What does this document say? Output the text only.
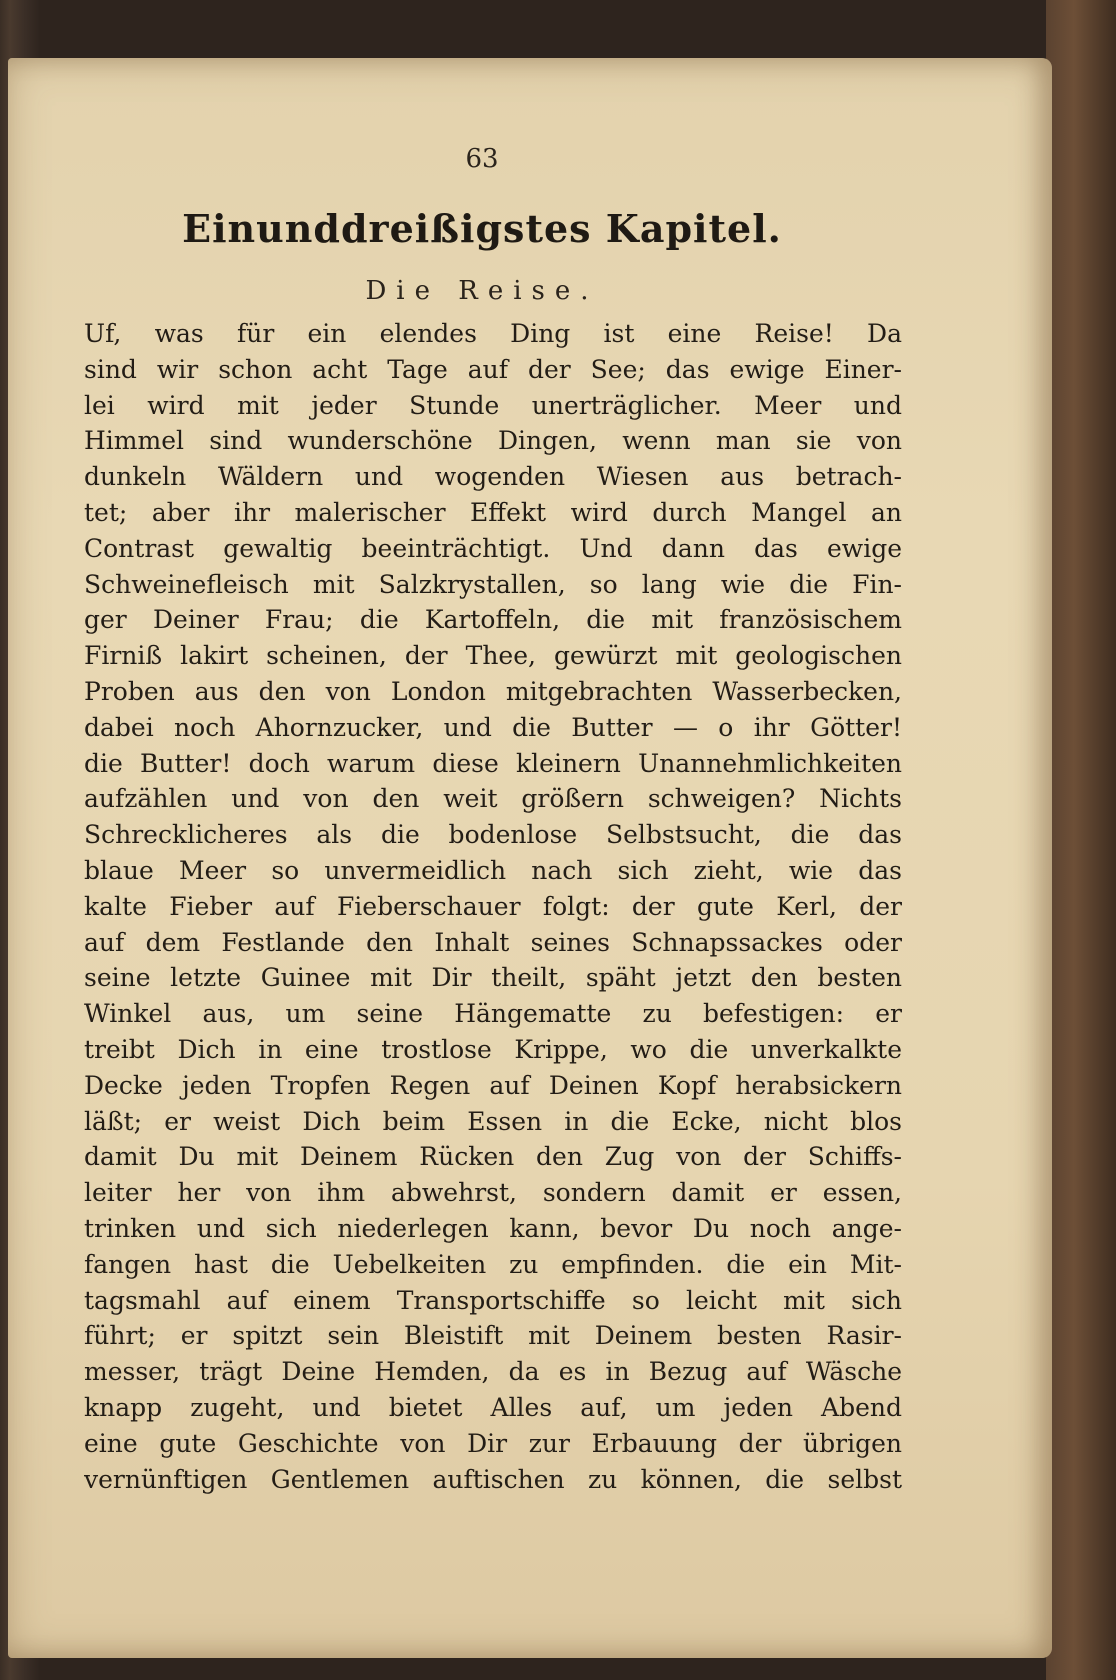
63
Einunddreißigstes Kapitel.
Die Reise.
Uf, was für ein elendes Ding ist eine Reise! Da
sind wir schon acht Tage auf der See; das ewige Einer-
lei wird mit jeder Stunde unerträglicher. Meer und
Himmel sind wunderschöne Dingen, wenn man sie von
dunkeln Wäldern und wogenden Wiesen aus betrach-
tet; aber ihr malerischer Effekt wird durch Mangel an
Contrast gewaltig beeinträchtigt. Und dann das ewige
Schweinefleisch mit Salzkrystallen, so lang wie die Fin-
ger Deiner Frau; die Kartoffeln, die mit französischem
Firniß lakirt scheinen, der Thee, gewürzt mit geologischen
Proben aus den von London mitgebrachten Wasserbecken,
dabei noch Ahornzucker, und die Butter — o ihr Götter!
die Butter! doch warum diese kleinern Unannehmlichkeiten
aufzählen und von den weit größern schweigen? Nichts
Schrecklicheres als die bodenlose Selbstsucht, die das
blaue Meer so unvermeidlich nach sich zieht, wie das
kalte Fieber auf Fieberschauer folgt: der gute Kerl, der
auf dem Festlande den Inhalt seines Schnapssackes oder
seine letzte Guinee mit Dir theilt, späht jetzt den besten
Winkel aus, um seine Hängematte zu befestigen: er
treibt Dich in eine trostlose Krippe, wo die unverkalkte
Decke jeden Tropfen Regen auf Deinen Kopf herabsickern
läßt; er weist Dich beim Essen in die Ecke, nicht blos
damit Du mit Deinem Rücken den Zug von der Schiffs-
leiter her von ihm abwehrst, sondern damit er essen,
trinken und sich niederlegen kann, bevor Du noch ange-
fangen hast die Uebelkeiten zu empfinden. die ein Mit-
tagsmahl auf einem Transportschiffe so leicht mit sich
führt; er spitzt sein Bleistift mit Deinem besten Rasir-
messer, trägt Deine Hemden, da es in Bezug auf Wäsche
knapp zugeht, und bietet Alles auf, um jeden Abend
eine gute Geschichte von Dir zur Erbauung der übrigen
vernünftigen Gentlemen auftischen zu können, die selbst
